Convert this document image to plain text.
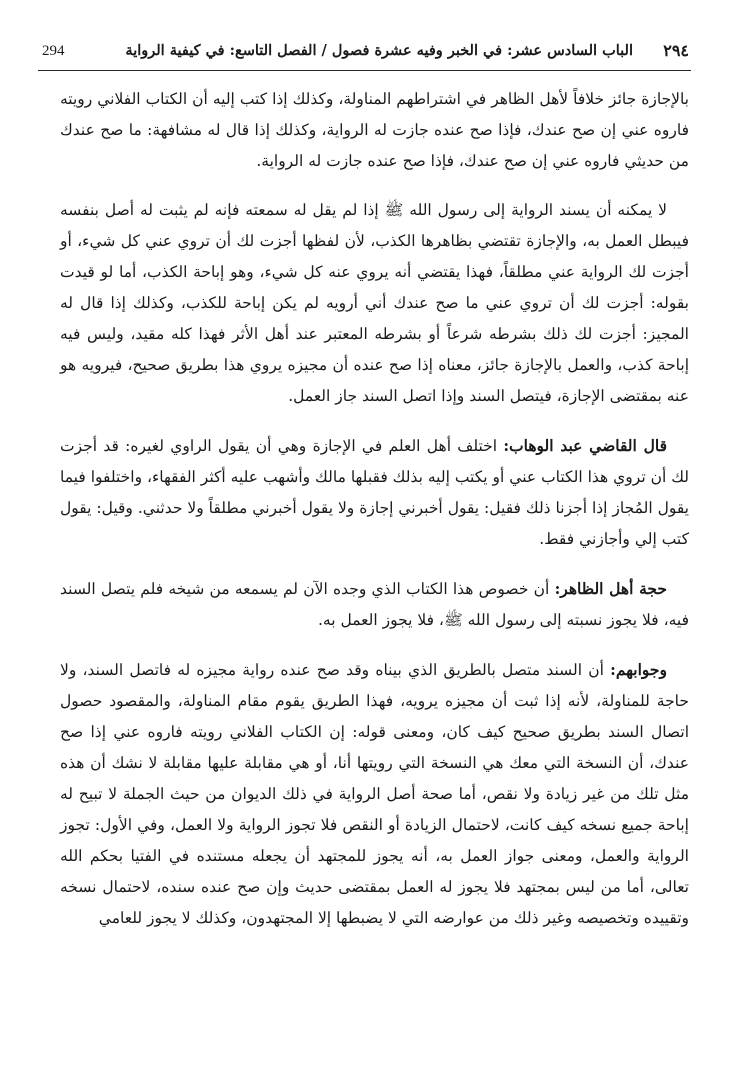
294	الباب السادس عشر: في الخبر وفيه عشرة فصول / الفصل التاسع: في كيفية الرواية ٢٩٤

بالإجازة جائز خلافاً لأهل الظاهر في اشتراطهم المناولة، وكذلك إذا كتب إليه أن الكتاب الفلاني رويته فاروه عني إن صح عندك، فإذا صح عنده جازت له الرواية، وكذلك إذا قال له مشافهة: ما صح عندك من حديثي فاروه عني إن صح عندك، فإذا صح عنده جازت له الرواية.

لا يمكنه أن يسند الرواية إلى رسول الله ﷺ إذا لم يقل له سمعته فإنه لم يثبت له أصل بنفسه فيبطل العمل به، والإجازة تقتضي بظاهرها الكذب، لأن لفظها أجزت لك أن تروي عني كل شيء، أو أجزت لك الرواية عني مطلقاً، فهذا يقتضي أنه يروي عنه كل شيء، وهو إباحة الكذب، أما لو قيدت بقوله: أجزت لك أن تروي عني ما صح عندك أني أرويه لم يكن إباحة للكذب، وكذلك إذا قال له المجيز: أجزت لك ذلك بشرطه شرعاً أو بشرطه المعتبر عند أهل الأثر فهذا كله مقيد، وليس فيه إباحة كذب، والعمل بالإجازة جائز، معناه إذا صح عنده أن مجيزه يروي هذا بطريق صحيح، فيرويه هو عنه بمقتضى الإجازة، فيتصل السند وإذا اتصل السند جاز العمل.

قال القاضي عبد الوهاب: اختلف أهل العلم في الإجازة وهي أن يقول الراوي لغيره: قد أجزت لك أن تروي هذا الكتاب عني أو يكتب إليه بذلك فقبلها مالك وأشهب عليه أكثر الفقهاء، واختلفوا فيما يقول المُجاز إذا أجزنا ذلك فقيل: يقول أخبرني إجازة ولا يقول أخبرني مطلقاً ولا حدثني. وقيل: يقول كتب إلي وأجازني فقط.

حجة أهل الظاهر: أن خصوص هذا الكتاب الذي وجده الآن لم يسمعه من شيخه فلم يتصل السند فيه، فلا يجوز نسبته إلى رسول الله ﷺ، فلا يجوز العمل به.

وجوابهم: أن السند متصل بالطريق الذي بيناه وقد صح عنده رواية مجيزه له فاتصل السند، ولا حاجة للمناولة، لأنه إذا ثبت أن مجيزه يرويه، فهذا الطريق يقوم مقام المناولة، والمقصود حصول اتصال السند بطريق صحيح كيف كان، ومعنى قوله: إن الكتاب الفلاني رويته فاروه عني إذا صح عندك، أن النسخة التي معك هي النسخة التي رويتها أنا، أو هي مقابلة عليها مقابلة لا نشك أن هذه مثل تلك من غير زيادة ولا نقص، أما صحة أصل الرواية في ذلك الديوان من حيث الجملة لا تبيح له إباحة جميع نسخه كيف كانت، لاحتمال الزيادة أو النقص فلا تجوز الرواية ولا العمل، وفي الأول: تجوز الرواية والعمل، ومعنى جواز العمل به، أنه يجوز للمجتهد أن يجعله مستنده في الفتيا بحكم الله تعالى، أما من ليس بمجتهد فلا يجوز له العمل بمقتضى حديث وإن صح عنده سنده، لاحتمال نسخه وتقييده وتخصيصه وغير ذلك من عوارضه التي لا يضبطها إلا المجتهدون، وكذلك لا يجوز للعامي
